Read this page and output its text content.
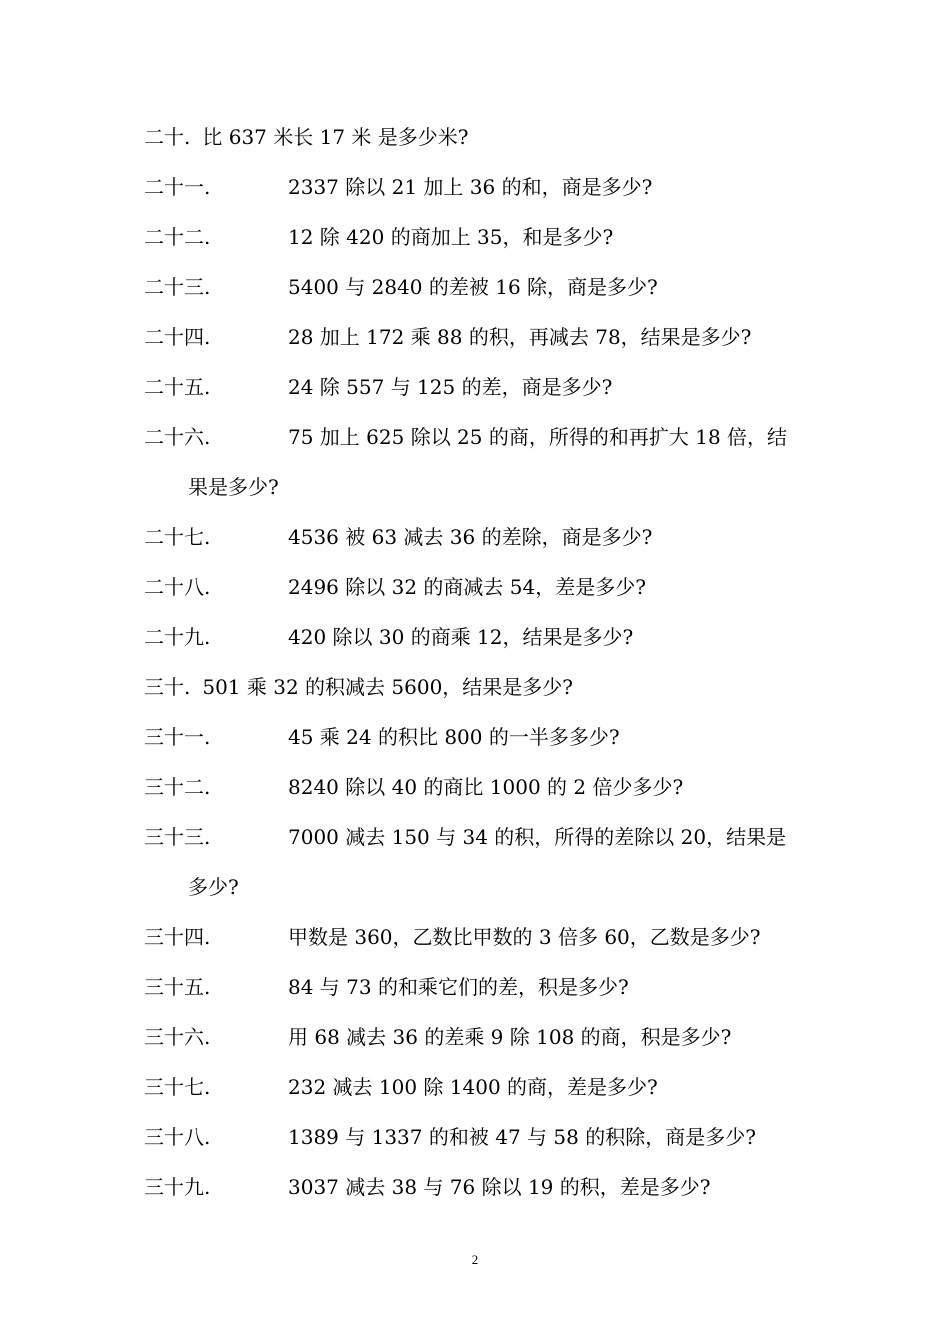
二十. 比 637 米长 17 米 是多少米?
二十一.	2337 除以 21 加上 36 的和，商是多少?
二十二.	12 除 420 的商加上 35，和是多少?
二十三.	5400 与 2840 的差被 16 除，商是多少?
二十四.	28 加上 172 乘 88 的积，再减去 78，结果是多少?
二十五.	24 除 557 与 125 的差，商是多少?
二十六.	75 加上 625 除以 25 的商，所得的和再扩大 18 倍，结
果是多少?
二十七.	4536 被 63 减去 36 的差除，商是多少?
二十八.	2496 除以 32 的商减去 54，差是多少?
二十九.	420 除以 30 的商乘 12，结果是多少?
三十. 501 乘 32 的积减去 5600，结果是多少?
三十一.	45 乘 24 的积比 800 的一半多多少?
三十二.	8240 除以 40 的商比 1000 的 2 倍少多少?
三十三.	7000 减去 150 与 34 的积，所得的差除以 20，结果是
多少?
三十四.	甲数是 360，乙数比甲数的 3 倍多 60，乙数是多少?
三十五.	84 与 73 的和乘它们的差，积是多少?
三十六.	用 68 减去 36 的差乘 9 除 108 的商，积是多少?
三十七.	232 减去 100 除 1400 的商，差是多少?
三十八.	1389 与 1337 的和被 47 与 58 的积除，商是多少?
三十九.	3037 减去 38 与 76 除以 19 的积，差是多少?
2
